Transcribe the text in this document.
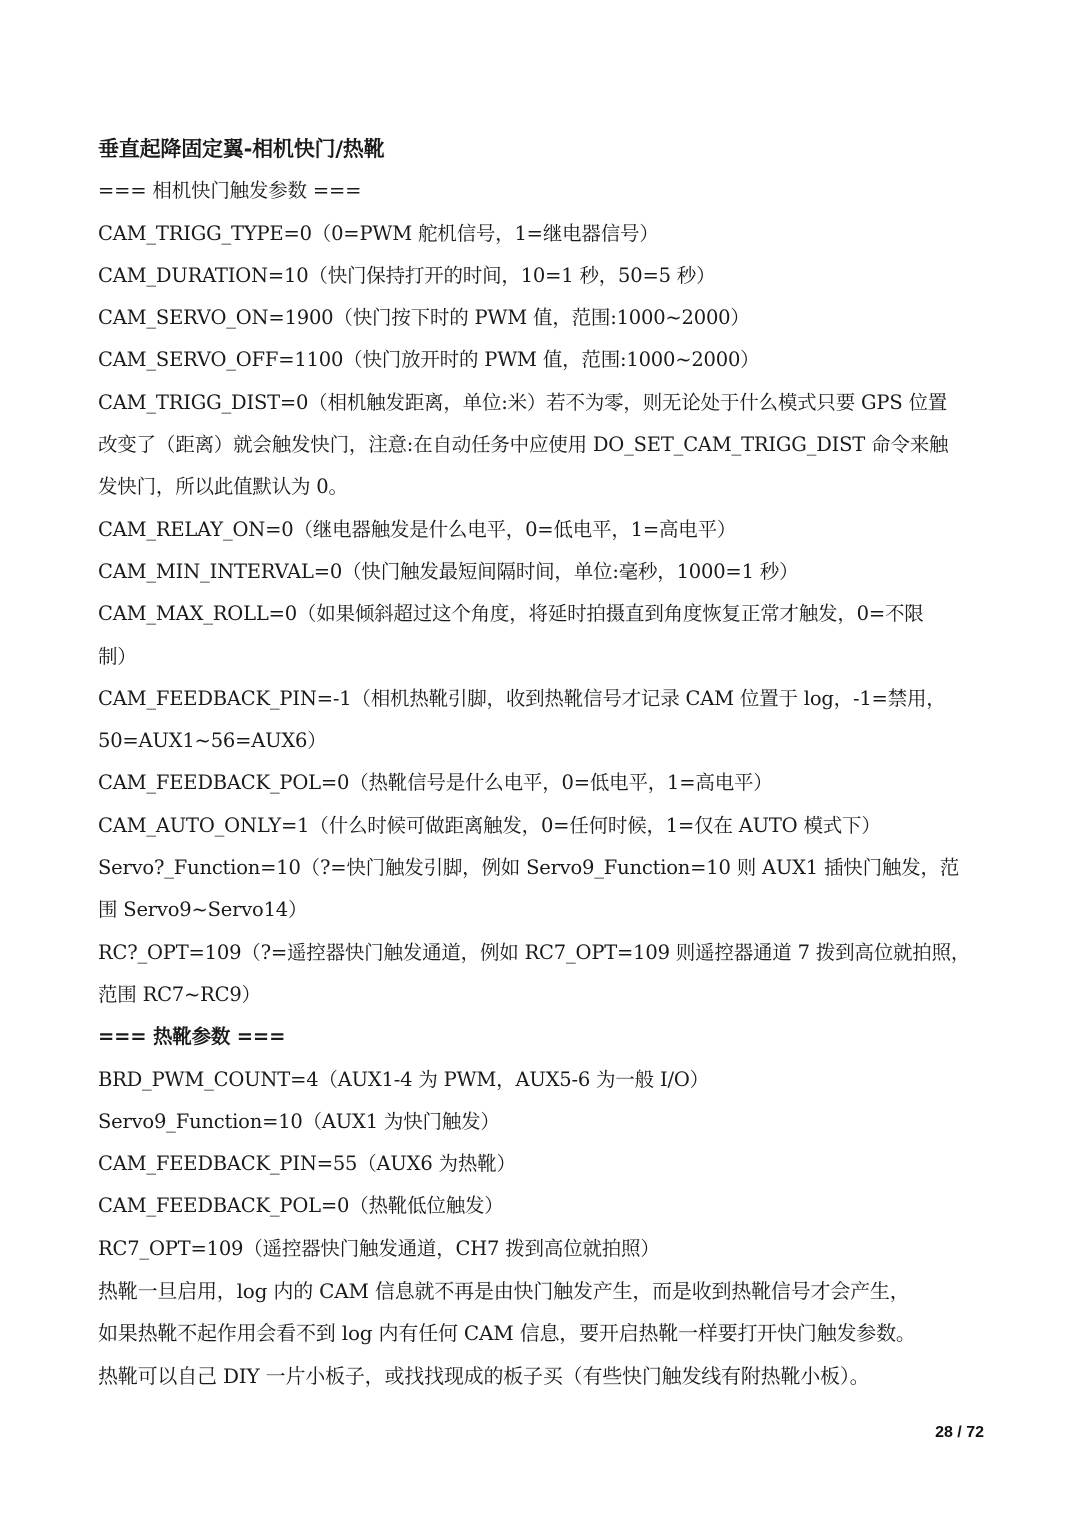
垂直起降固定翼-相机快门/热靴
=== 相机快门触发参数 ===
CAM_TRIGG_TYPE=0（0=PWM 舵机信号，1=继电器信号）
CAM_DURATION=10（快门保持打开的时间，10=1 秒，50=5 秒）
CAM_SERVO_ON=1900（快门按下时的 PWM 值，范围:1000~2000）
CAM_SERVO_OFF=1100（快门放开时的 PWM 值，范围:1000~2000）
CAM_TRIGG_DIST=0（相机触发距离，单位:米）若不为零，则无论处于什么模式只要 GPS 位置
改变了（距离）就会触发快门，注意:在自动任务中应使用 DO_SET_CAM_TRIGG_DIST 命令来触
发快门，所以此值默认为 0。
CAM_RELAY_ON=0（继电器触发是什么电平，0=低电平，1=高电平）
CAM_MIN_INTERVAL=0（快门触发最短间隔时间，单位:毫秒，1000=1 秒）
CAM_MAX_ROLL=0（如果倾斜超过这个角度，将延时拍摄直到角度恢复正常才触发，0=不限
制）
CAM_FEEDBACK_PIN=-1（相机热靴引脚，收到热靴信号才记录 CAM 位置于 log，-1=禁用，
50=AUX1~56=AUX6）
CAM_FEEDBACK_POL=0（热靴信号是什么电平，0=低电平，1=高电平）
CAM_AUTO_ONLY=1（什么时候可做距离触发，0=任何时候，1=仅在 AUTO 模式下）
Servo?_Function=10（?=快门触发引脚，例如 Servo9_Function=10 则 AUX1 插快门触发，范
围 Servo9~Servo14）
RC?_OPT=109（?=遥控器快门触发通道，例如 RC7_OPT=109 则遥控器通道 7 拨到高位就拍照，
范围 RC7~RC9）
=== 热靴参数 ===
BRD_PWM_COUNT=4（AUX1-4 为 PWM，AUX5-6 为一般 I/O）
Servo9_Function=10（AUX1 为快门触发）
CAM_FEEDBACK_PIN=55（AUX6 为热靴）
CAM_FEEDBACK_POL=0（热靴低位触发）
RC7_OPT=109（遥控器快门触发通道，CH7 拨到高位就拍照）
热靴一旦启用，log 内的 CAM 信息就不再是由快门触发产生，而是收到热靴信号才会产生，
如果热靴不起作用会看不到 log 内有任何 CAM 信息，要开启热靴一样要打开快门触发参数。
热靴可以自己 DIY 一片小板子，或找找现成的板子买（有些快门触发线有附热靴小板）。
28 / 72
